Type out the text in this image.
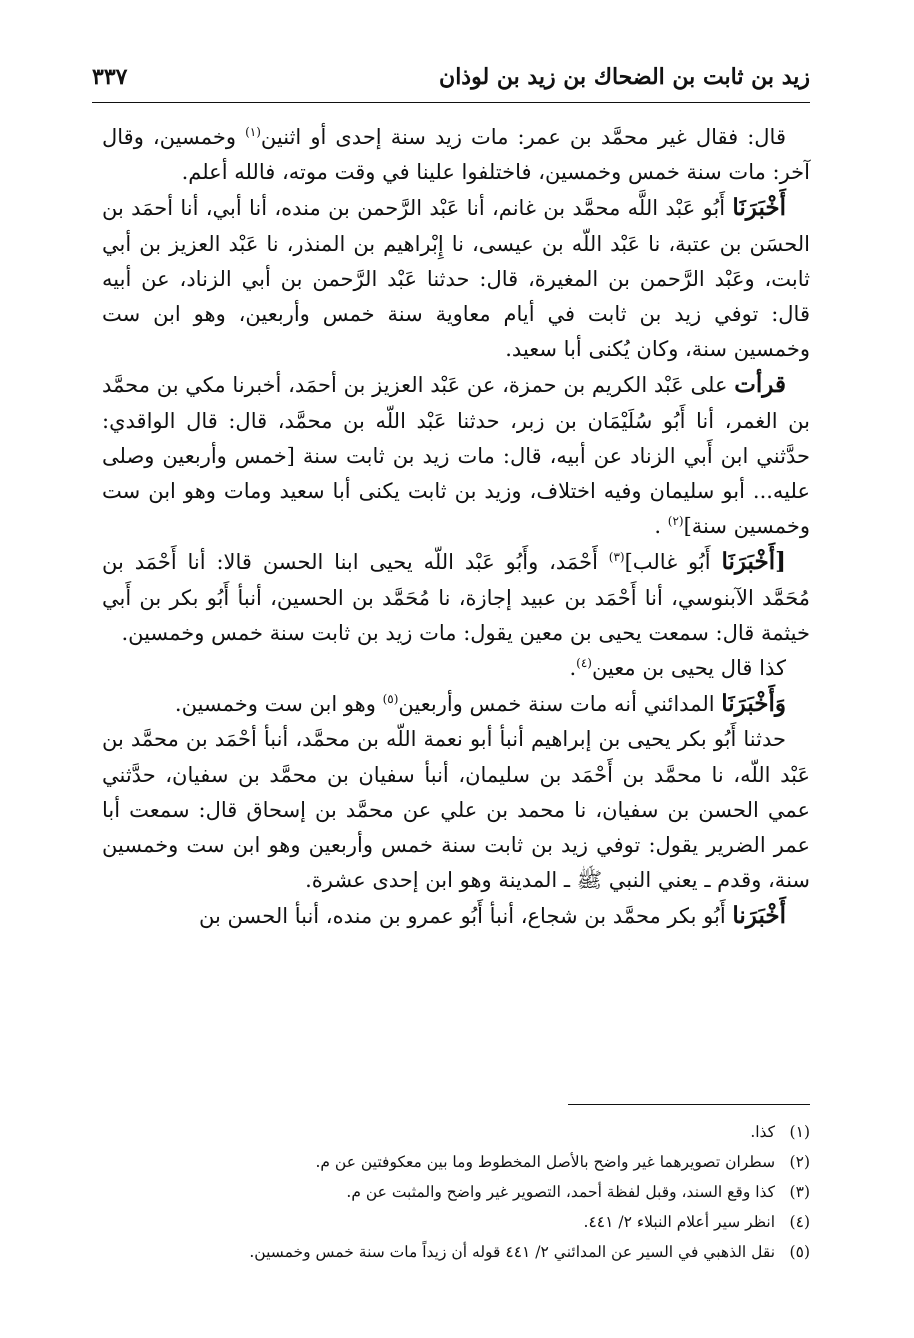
زيد بن ثابت بن الضحاك بن زيد بن لوذان
٣٣٧

قال: فقال غير محمَّد بن عمر: مات زيد سنة إحدى أو اثنين$^{(١)}$ وخمسين، وقال آخر: مات سنة خمس وخمسين، فاختلفوا علينا في وقت موته، فالله أعلم.

أَخْبَرَنَا أَبُو عَبْد اللَّه محمَّد بن غانم، أنا عَبْد الرَّحمن بن منده، أنا أبي، أنا أحمَد بن الحسَن بن عتبة، نا عَبْد اللّه بن عيسى، نا إِبْراهيم بن المنذر، نا عَبْد العزيز بن أبي ثابت، وعَبْد الرَّحمن بن المغيرة، قال: حدثنا عَبْد الرَّحمن بن أبي الزناد، عن أبيه قال: توفي زيد بن ثابت في أيام معاوية سنة خمس وأربعين، وهو ابن ست وخمسين سنة، وكان يُكنى أبا سعيد.

قرأت على عَبْد الكريم بن حمزة، عن عَبْد العزيز بن أحمَد، أخبرنا مكي بن محمَّد بن الغمر، أنا أَبُو سُلَيْمَان بن زبر، حدثنا عَبْد اللّه بن محمَّد، قال: قال الواقدي: حدَّثني ابن أَبي الزناد عن أبيه، قال: مات زيد بن ثابت سنة [خمس وأربعين وصلى عليه... أبو سليمان وفيه اختلاف، وزيد بن ثابت يكنى أبا سعيد ومات وهو ابن ست وخمسين سنة]$^{(٢)}$ .

[أَخْبَرَنَا أَبُو غالب]$^{(٣)}$ أَحْمَد، وأَبُو عَبْد اللّه يحيى ابنا الحسن قالا: أنا أَحْمَد بن مُحَمَّد الآبنوسي، أنا أَحْمَد بن عبيد إجازة، نا مُحَمَّد بن الحسين، أنبأ أَبُو بكر بن أَبي خيثمة قال: سمعت يحيى بن معين يقول: مات زيد بن ثابت سنة خمس وخمسين.

كذا قال يحيى بن معين$^{(٤)}$.

وَأَخْبَرَنَا المدائني أنه مات سنة خمس وأربعين$^{(٥)}$ وهو ابن ست وخمسين.

حدثنا أَبُو بكر يحيى بن إبراهيم أنبأ أبو نعمة اللّه بن محمَّد، أنبأ أحْمَد بن محمَّد بن عَبْد اللّه، نا محمَّد بن أَحْمَد بن سليمان، أنبأ سفيان بن محمَّد بن سفيان، حدَّثني عمي الحسن بن سفيان، نا محمد بن علي عن محمَّد بن إسحاق قال: سمعت أبا عمر الضرير يقول: توفي زيد بن ثابت سنة خمس وأربعين وهو ابن ست وخمسين سنة، وقدم ـ يعني النبي ﷺ ـ المدينة وهو ابن إحدى عشرة.

أَخْبَرَنا أَبُو بكر محمَّد بن شجاع، أنبأ أَبُو عمرو بن منده، أنبأ الحسن بن

(١) كذا.
(٢) سطران تصويرهما غير واضح بالأصل المخطوط وما بين معكوفتين عن م.
(٣) كذا وقع السند، وقبل لفظة أحمد، التصوير غير واضح والمثبت عن م.
(٤) انظر سير أعلام النبلاء ٢/ ٤٤١.
(٥) نقل الذهبي في السير عن المدائني ٢/ ٤٤١ قوله أن زيداً مات سنة خمس وخمسين.
